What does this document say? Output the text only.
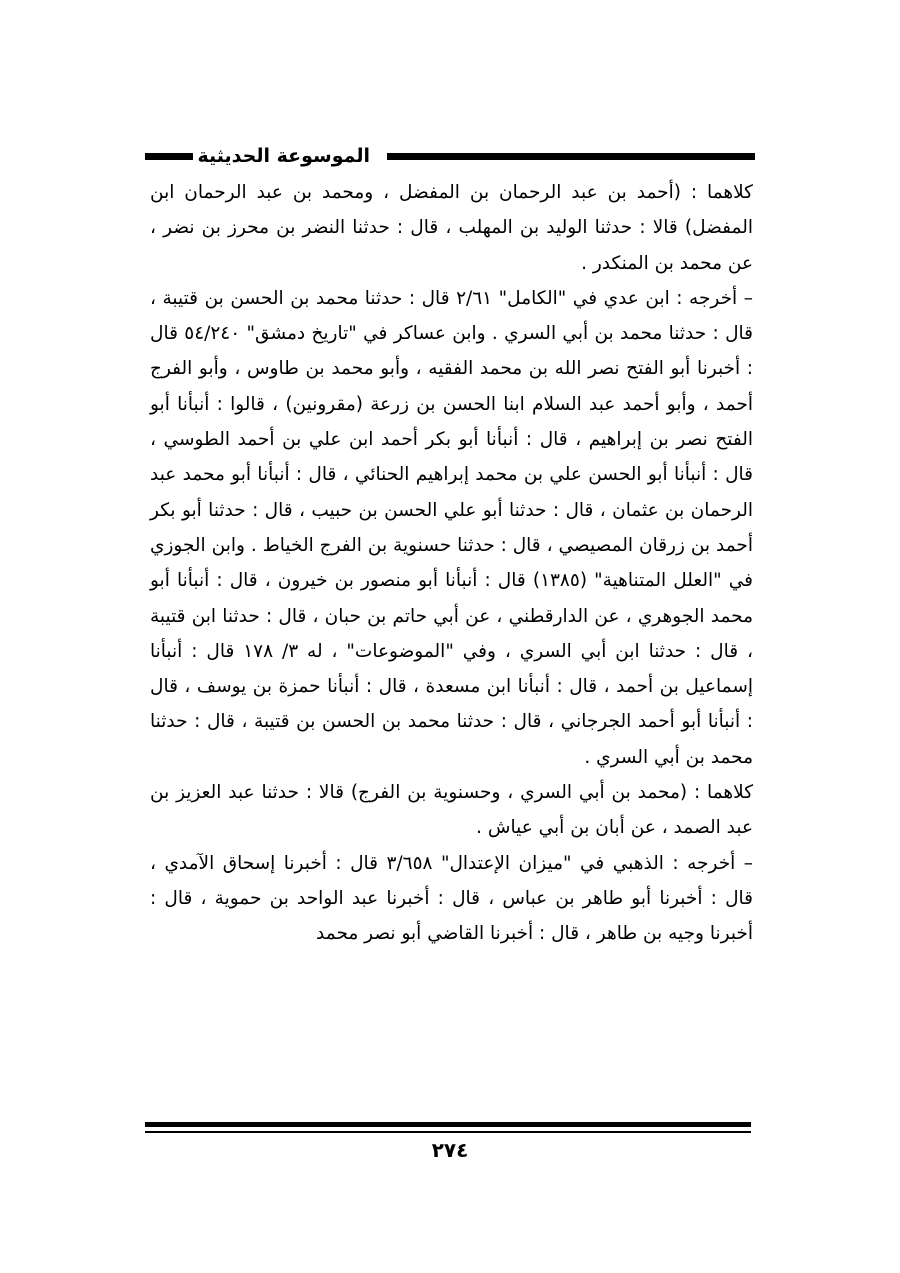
الموسوعة الحديثية

كلاهما : (أحمد بن عبد الرحمان بن المفضل ، ومحمد بن عبد الرحمان ابن المفضل) قالا : حدثنا الوليد بن المهلب ، قال : حدثنا النضر بن محرز بن نضر ، عن محمد بن المنكدر .

– أخرجه : ابن عدي في "الكامل" ٢/٦١ قال : حدثنا محمد بن الحسن بن قتيبة ، قال : حدثنا محمد بن أبي السري . وابن عساكر في "تاريخ دمشق" ٥٤/٢٤٠ قال : أخبرنا أبو الفتح نصر الله بن محمد الفقيه ، وأبو محمد بن طاوس ، وأبو الفرج أحمد ، وأبو أحمد عبد السلام ابنا الحسن بن زرعة (مقرونين) ، قالوا : أنبأنا أبو الفتح نصر بن إبراهيم ، قال : أنبأنا أبو بكر أحمد ابن علي بن أحمد الطوسي ، قال : أنبأنا أبو الحسن علي بن محمد إبراهيم الحنائي ، قال : أنبأنا أبو محمد عبد الرحمان بن عثمان ، قال : حدثنا أبو علي الحسن بن حبيب ، قال : حدثنا أبو بكر أحمد بن زرقان المصيصي ، قال : حدثنا حسنوية بن الفرج الخياط . وابن الجوزي في "العلل المتناهية" (١٣٨٥) قال : أنبأنا أبو منصور بن خيرون ، قال : أنبأنا أبو محمد الجوهري ، عن الدارقطني ، عن أبي حاتم بن حبان ، قال : حدثنا ابن قتيبة ، قال : حدثنا ابن أبي السري ، وفي "الموضوعات" ، له ٣/ ١٧٨ قال : أنبأنا إسماعيل بن أحمد ، قال : أنبأنا ابن مسعدة ، قال : أنبأنا حمزة بن يوسف ، قال : أنبأنا أبو أحمد الجرجاني ، قال : حدثنا محمد بن الحسن بن قتيبة ، قال : حدثنا محمد بن أبي السري .

كلاهما : (محمد بن أبي السري ، وحسنوية بن الفرج) قالا : حدثنا عبد العزيز بن عبد الصمد ، عن أبان بن أبي عياش .

– أخرجه : الذهبي في "ميزان الإعتدال" ٣/٦٥٨ قال : أخبرنا إسحاق الآمدي ، قال : أخبرنا أبو طاهر بن عباس ، قال : أخبرنا عبد الواحد بن حموية ، قال : أخبرنا وجيه بن طاهر ، قال : أخبرنا القاضي أبو نصر محمد

٢٧٤
